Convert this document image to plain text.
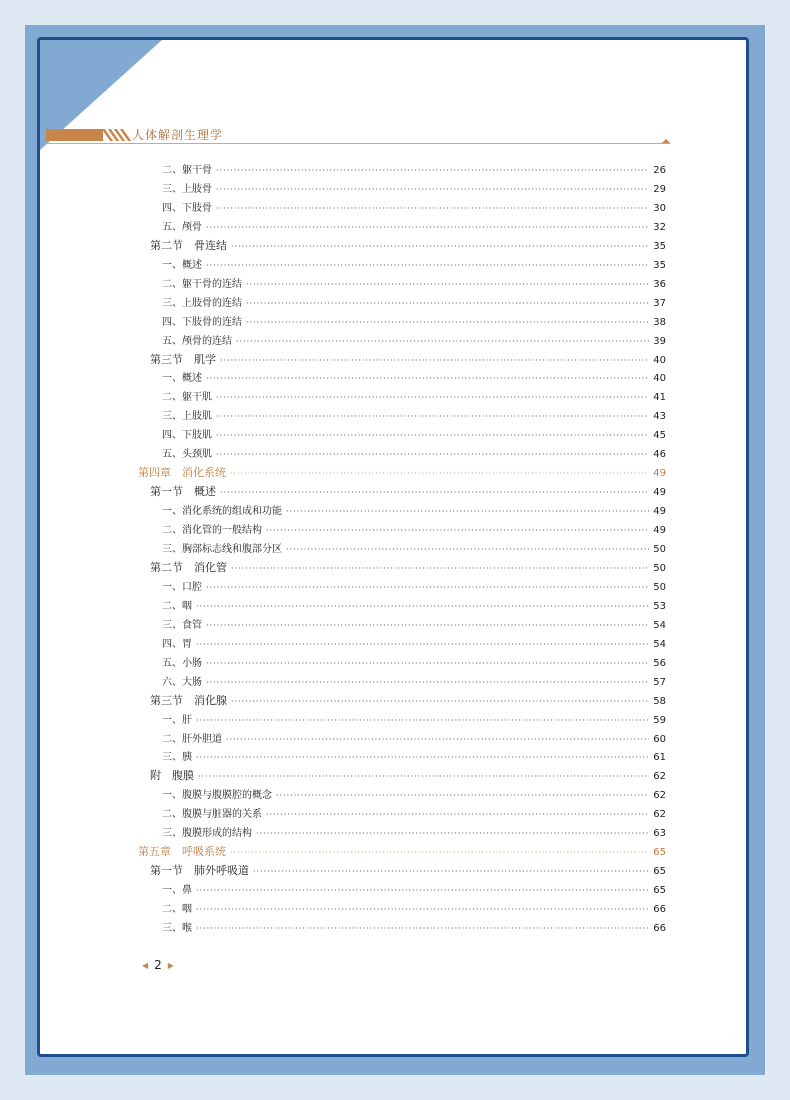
人体解剖生理学
二、躯干骨 ·····	26
三、上肢骨 ·····	29
四、下肢骨 ·····	30
五、颅骨 ·····	32
第二节　骨连结 ·····	35
一、概述 ·····	35
二、躯干骨的连结 ·····	36
三、上肢骨的连结 ·····	37
四、下肢骨的连结 ·····	38
五、颅骨的连结 ·····	39
第三节　肌学 ·····	40
一、概述 ·····	40
二、躯干肌 ·····	41
三、上肢肌 ·····	43
四、下肢肌 ·····	45
五、头颈肌 ·····	46
第四章　消化系统 ·····	49
第一节　概述 ·····	49
一、消化系统的组成和功能 ·····	49
二、消化管的一般结构 ·····	49
三、胸部标志线和腹部分区 ·····	50
第二节　消化管 ·····	50
一、口腔 ·····	50
二、咽 ·····	53
三、食管 ·····	54
四、胃 ·····	54
五、小肠 ·····	56
六、大肠 ·····	57
第三节　消化腺 ·····	58
一、肝 ·····	59
二、肝外胆道 ·····	60
三、胰 ·····	61
附　腹膜 ·····	62
一、腹膜与腹膜腔的概念 ·····	62
二、腹膜与脏器的关系 ·····	62
三、腹膜形成的结构 ·····	63
第五章　呼吸系统 ·····	65
第一节　肺外呼吸道 ·····	65
一、鼻 ·····	65
二、咽 ·····	66
三、喉 ·····	66
◀ 2 ▶
